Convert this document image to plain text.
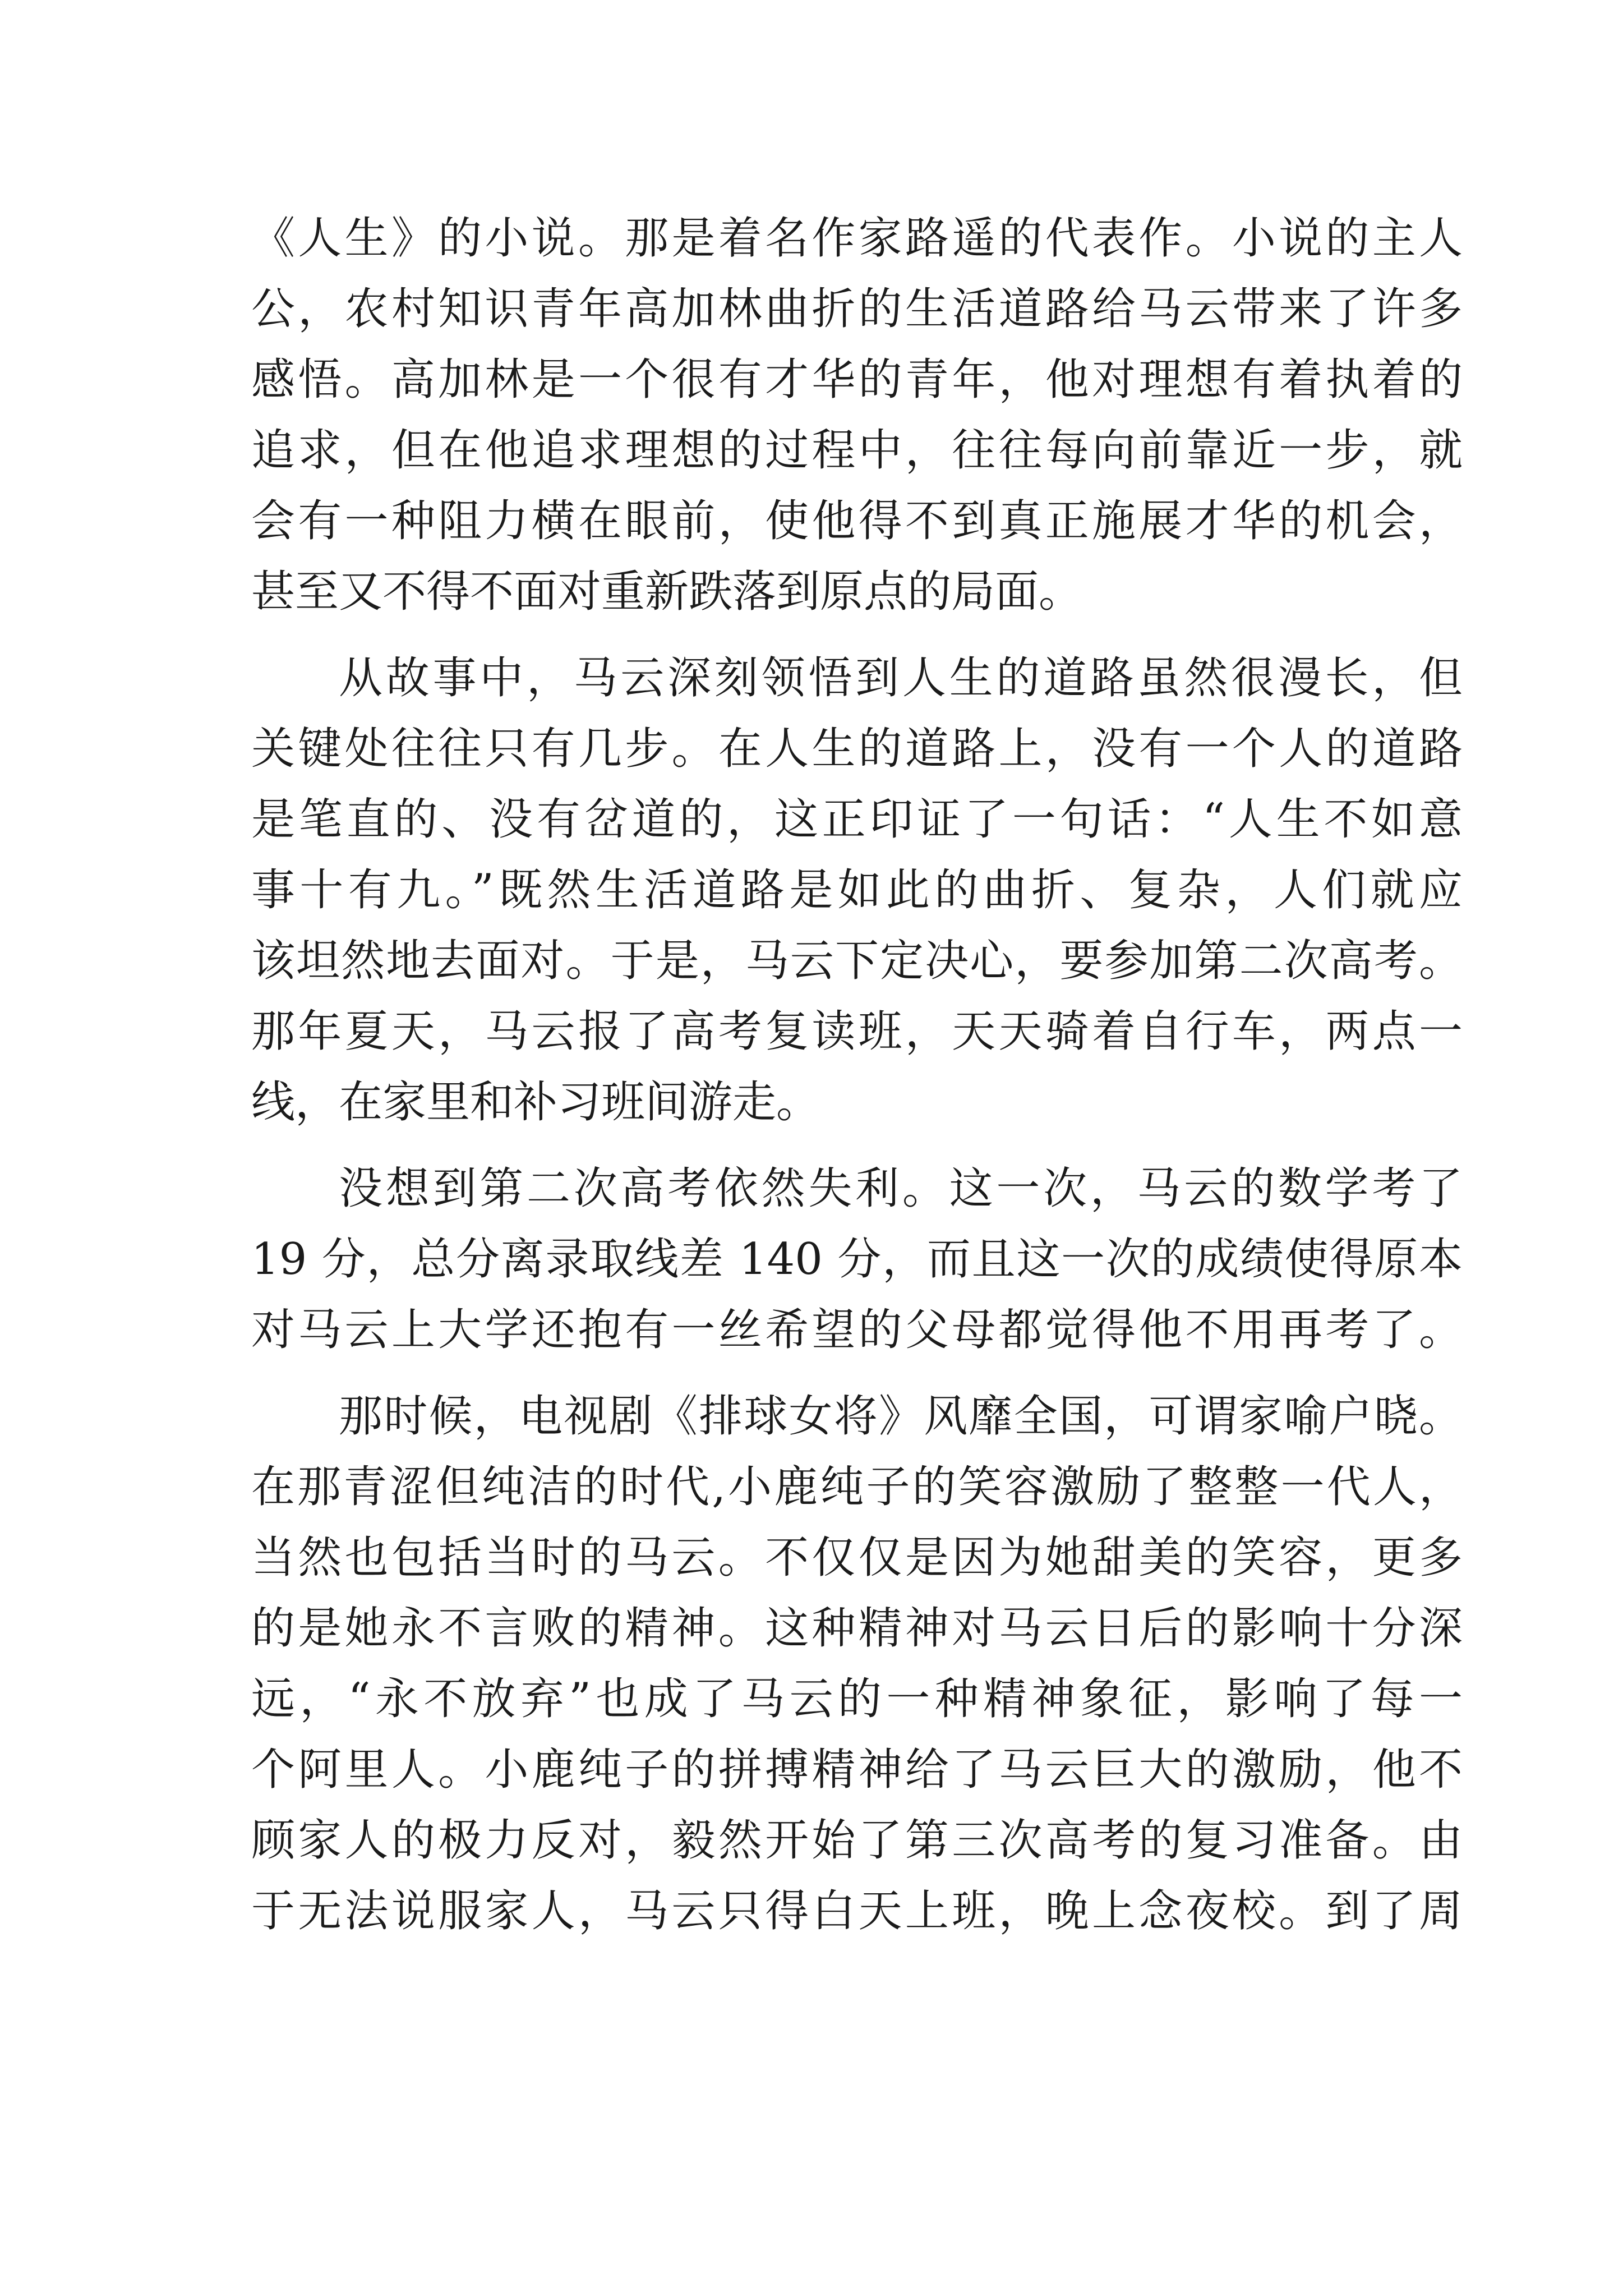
《人生》的小说。那是着名作家路遥的代表作。小说的主人
公，农村知识青年高加林曲折的生活道路给马云带来了许多
感悟。高加林是一个很有才华的青年，他对理想有着执着的
追求，但在他追求理想的过程中，往往每向前靠近一步，就
会有一种阻力横在眼前，使他得不到真正施展才华的机会，
甚至又不得不面对重新跌落到原点的局面。
从故事中，马云深刻领悟到人生的道路虽然很漫长，但
关键处往往只有几步。在人生的道路上，没有一个人的道路
是笔直的、没有岔道的，这正印证了一句话：“人生不如意
事十有九。”既然生活道路是如此的曲折、复杂，人们就应
该坦然地去面对。于是，马云下定决心，要参加第二次高考。
那年夏天，马云报了高考复读班，天天骑着自行车，两点一
线，在家里和补习班间游走。
没想到第二次高考依然失利。这一次，马云的数学考了
19 分，总分离录取线差 140 分，而且这一次的成绩使得原本
对马云上大学还抱有一丝希望的父母都觉得他不用再考了。
那时候，电视剧《排球女将》风靡全国，可谓家喻户晓。
在那青涩但纯洁的时代,小鹿纯子的笑容激励了整整一代人，
当然也包括当时的马云。不仅仅是因为她甜美的笑容，更多
的是她永不言败的精神。这种精神对马云日后的影响十分深
远，“永不放弃”也成了马云的一种精神象征，影响了每一
个阿里人。小鹿纯子的拼搏精神给了马云巨大的激励，他不
顾家人的极力反对，毅然开始了第三次高考的复习准备。由
于无法说服家人，马云只得白天上班，晚上念夜校。到了周
